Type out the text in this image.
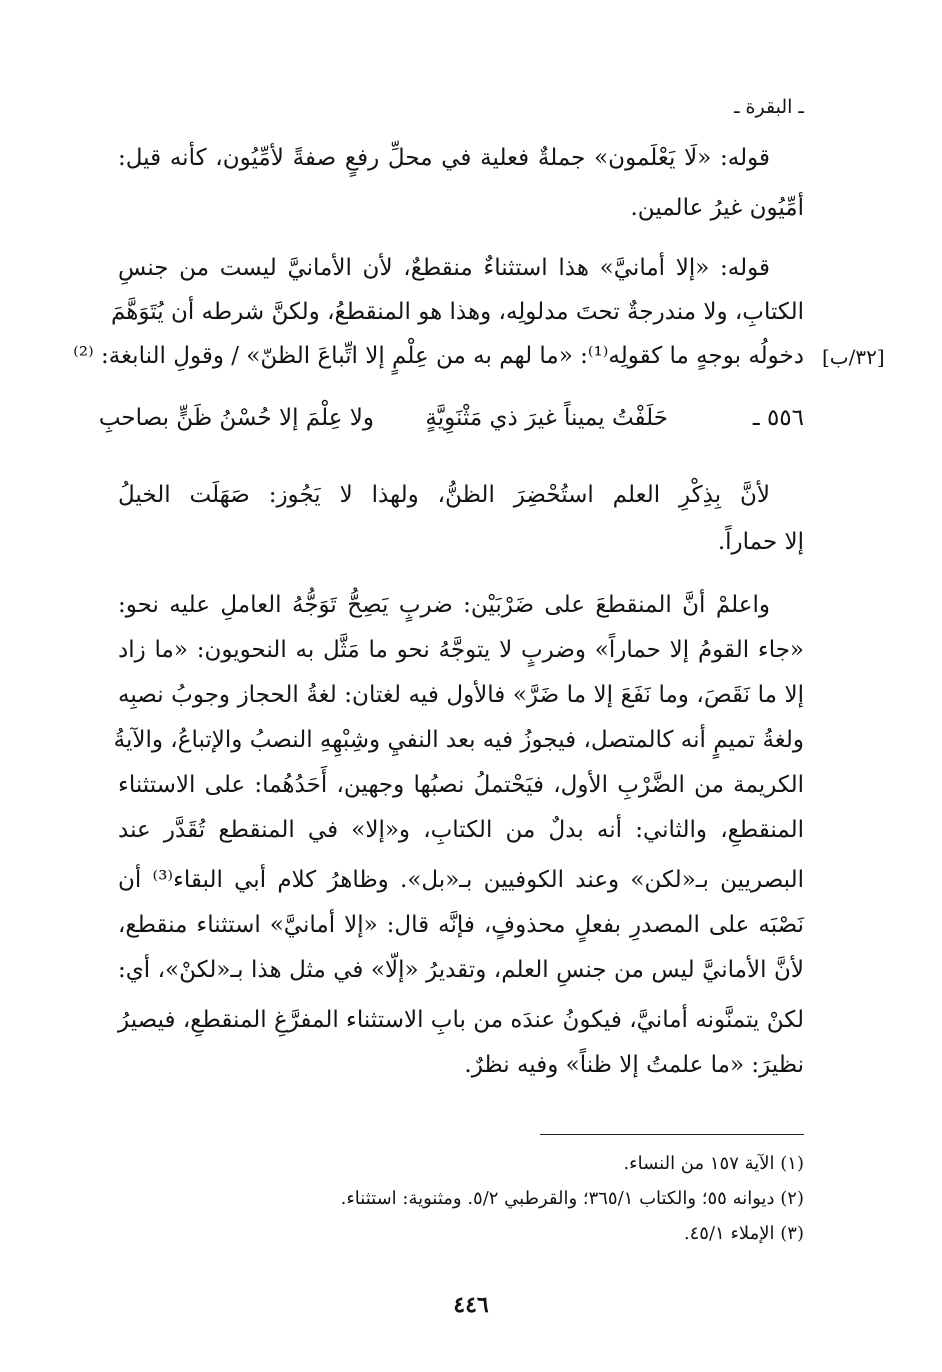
ـ البقرة ـ
قوله: «لَا يَعْلَمون» جملةٌ فعلية في محلِّ رفعٍ صفةً لأمِّيُون، كأنه قيل:
أمِّيُون غيرُ عالمين.
قوله: «إلا أمانيَّ» هذا استثناءٌ منقطعٌ، لأن الأمانيَّ ليست من جنسِ
الكتابِ، ولا مندرجةٌ تحتَ مدلولِه، وهذا هو المنقطعُ، ولكنَّ شرطه أن يُتَوَهَّمَ
دخولُه بوجهٍ ما كقولِه⁽¹⁾: «ما لهم به من عِلْمٍ إلا اتِّباعَ الظنّ» / وقولِ النابغة: ⁽²⁾ [٣٢/ب]
٥٥٦ ـ
حَلَفْتُ يميناً غيرَ ذي مَثْنَوِيَّةٍ
ولا عِلْمَ إلا حُسْنُ ظَنٍّ بصاحبِ
لأنَّ بِذِكْرِ العلم استُحْضِرَ الظنُّ، ولهذا لا يَجُوز: صَهَلَت الخيلُ
إلا حماراً.
واعلمْ أنَّ المنقطعَ على ضَرْبَيْن: ضربٍ يَصِحُّ تَوَجُّهُ العاملِ عليه نحو:
«جاء القومُ إلا حماراً» وضربٍ لا يتوجَّهُ نحو ما مَثَّل به النحويون: «ما زاد
إلا ما نَقَصَ، وما نَفَعَ إلا ما ضَرَّ» فالأول فيه لغتان: لغةُ الحجاز وجوبُ نصبِه
ولغةُ تميمٍ أنه كالمتصل، فيجوزُ فيه بعد النفيِ وشِبْهِهِ النصبُ والإتباعُ، والآيةُ
الكريمة من الضَّرْبِ الأول، فيَحْتملُ نصبُها وجهين، أَحَدُهُما: على الاستثناء
المنقطعِ، والثاني: أنه بدلٌ من الكتابِ، و«إلا» في المنقطع تُقَدَّر عند
البصريين بـ«لكن» وعند الكوفيين بـ«بل». وظاهرُ كلام أبي البقاء⁽³⁾ أن
نَصْبَه على المصدرِ بفعلٍ محذوفٍ، فإنَّه قال: «إلا أمانيَّ» استثناء منقطع،
لأنَّ الأمانيَّ ليس من جنسِ العلم، وتقديرُ «إلّا» في مثل هذا بـ«لكنْ»، أي:
لكنْ يتمنَّونه أمانيَّ، فيكونُ عندَه من بابِ الاستثناء المفرَّغِ المنقطعِ، فيصيرُ
نظيرَ: «ما علمتُ إلا ظناً» وفيه نظرٌ.
(١) الآية ١٥٧ من النساء.
(٢) ديوانه ٥٥؛ والكتاب ٣٦٥/١؛ والقرطبي ٥/٢. ومثنوية: استثناء.
(٣) الإملاء ٤٥/١.
٤٤٦
